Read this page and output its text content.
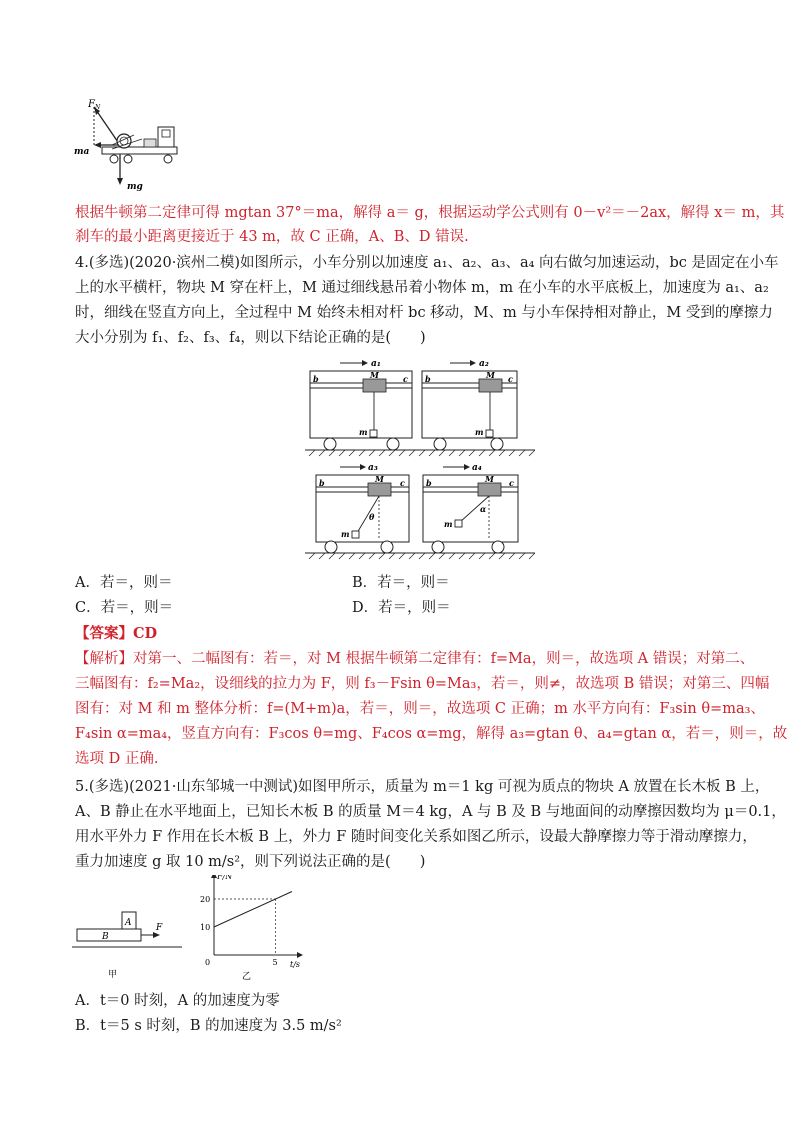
$F_N$
ma
mg
根据牛顿第二定律可得 mgtan 37°＝ma，解得 a＝ g，根据运动学公式则有 0－v²＝－2ax，解得 x＝ m，其
刹车的最小距离更接近于 43 m，故 C 正确，A、B、D 错误.
4.(多选)(2020·滨州二模)如图所示，小车分别以加速度 a₁、a₂、a₃、a₄ 向右做匀加速运动，bc 是固定在小车
上的水平横杆，物块 M 穿在杆上，M 通过细线悬吊着小物体 m，m 在小车的水平底板上，加速度为 a₁、a₂
时，细线在竖直方向上，全过程中 M 始终未相对杆 bc 移动，M、m 与小车保持相对静止，M 受到的摩擦力
大小分别为 f₁、f₂、f₃、f₄，则以下结论正确的是(　　)
a₁
b	c
M
m
a₂
b	c
M
m
a₃
b	c
M
m
θ
a₄
b	c
M
m
α
A．若＝，则＝	B．若＝，则＝
C．若＝，则＝	D．若＝，则＝
【答案】CD
【解析】对第一、二幅图有：若＝，对 M 根据牛顿第二定律有：f=Ma，则＝，故选项 A 错误；对第二、
三幅图有：f₂=Ma₂，设细线的拉力为 F，则 f₃－Fsin θ=Ma₃，若＝，则≠，故选项 B 错误；对第三、四幅
图有：对 M 和 m 整体分析：f=(M+m)a，若＝，则＝，故选项 C 正确；m 水平方向有：F₃sin θ=ma₃、
F₄sin α=ma₄，竖直方向有：F₃cos θ=mg、F₄cos α=mg，解得 a₃=gtan θ、a₄=gtan α，若＝，则＝，故
选项 D 正确.
5.(多选)(2021·山东邹城一中测试)如图甲所示，质量为 m＝1 kg 可视为质点的物块 A 放置在长木板 B 上，
A、B 静止在水平地面上，已知长木板 B 的质量 M＝4 kg，A 与 B 及 B 与地面间的动摩擦因数均为 μ＝0.1，
用水平外力 F 作用在长木板 B 上，外力 F 随时间变化关系如图乙所示，设最大静摩擦力等于滑动摩擦力，
重力加速度 g 取 10 m/s²，则下列说法正确的是(　　)
A
B
F
甲
F/N
t/s
0	5
10
20
乙
A．t＝0 时刻，A 的加速度为零
B．t＝5 s 时刻，B 的加速度为 3.5 m/s²
